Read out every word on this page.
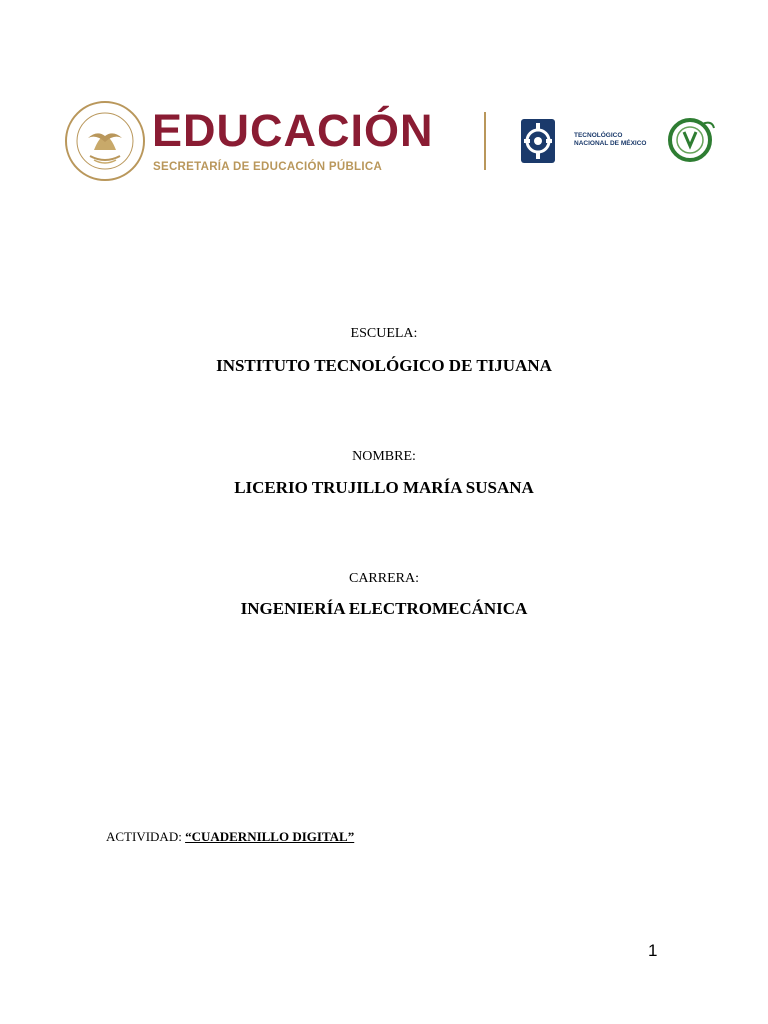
EDUCACIÓN
SECRETARÍA DE EDUCACIÓN PÚBLICA
TECNOLÓGICO
NACIONAL DE MÉXICO
ESCUELA:
INSTITUTO TECNOLÓGICO DE TIJUANA
NOMBRE:
LICERIO TRUJILLO MARÍA SUSANA
CARRERA:
INGENIERÍA ELECTROMECÁNICA
ACTIVIDAD: “CUADERNILLO DIGITAL”
1
